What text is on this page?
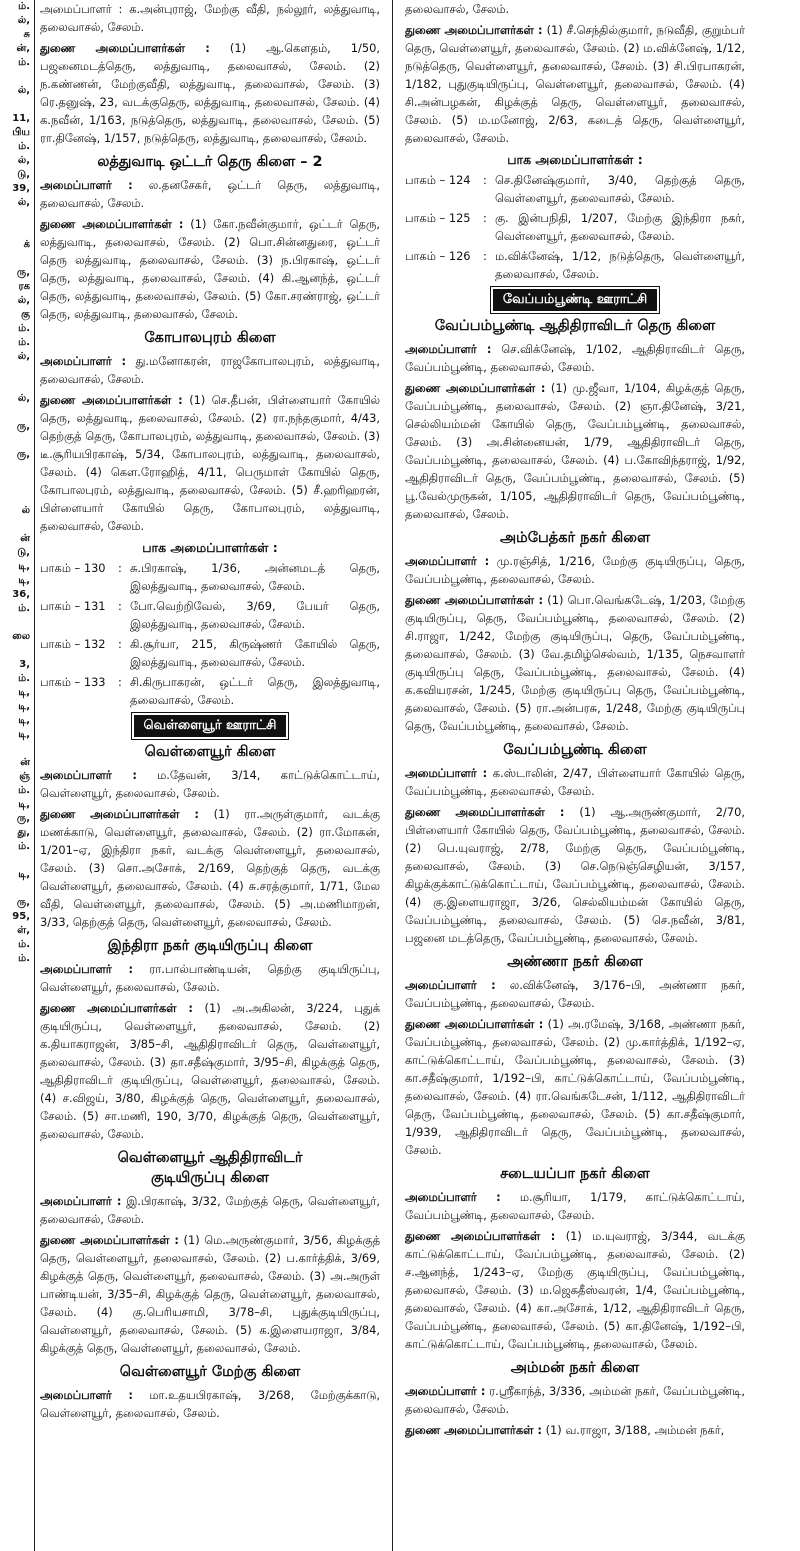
ம்.
ல்,
சு
ன்,
ம்.
ல்,
11,
பிய
ம்.
ல்,
டு,
39,
ல்,
க்
ரு,
ரக
ல்,
கு
ம்.
ம்.
ல்,
ல்,
ரு,
ரு,
ல்
ன்
டு,
டி,
டி,
36,
ம்.
லை
3,
ம்.
டி,
டி,
டி,
டி,
ன்
ஞ்
ம்.
டி,
ரு,
து,
ம்.
டி,
ரு,
95,
ள்,
ம்.
ம்.

அமைப்பாளர் : க.அன்புராஜ், மேற்கு வீதி, நல்லூர், லத்துவாடி, தலைவாசல், சேலம்.

துணை அமைப்பாளர்கள் : (1) ஆ.கௌதம், 1/50, பஜனைமடத்தெரு, லத்துவாடி, தலைவாசல், சேலம். (2) ந.கண்ணன், மேற்குவீதி, லத்துவாடி, தலைவாசல், சேலம். (3) ரெ.தனுஷ், 23, வடக்குதெரு, லத்துவாடி, தலைவாசல், சேலம். (4) க.நவீன், 1/163, நடுத்தெரு, லத்துவாடி, தலைவாசல், சேலம். (5) ரா.தினேஷ், 1/157, நடுத்தெரு, லத்துவாடி, தலைவாசல், சேலம்.

லத்துவாடி ஒட்டர் தெரு கிளை – 2

அமைப்பாளர் : ல.தனசேகர், ஒட்டர் தெரு, லத்துவாடி, தலைவாசல், சேலம்.

துணை அமைப்பாளர்கள் : (1) கோ.நவீன்குமார், ஒட்டர் தெரு, லத்துவாடி, தலைவாசல், சேலம். (2) பொ.சின்னதுரை, ஒட்டர் தெரு லத்துவாடி, தலைவாசல், சேலம். (3) ந.பிரகாஷ், ஒட்டர் தெரு, லத்துவாடி, தலைவாசல், சேலம். (4) கி.ஆனந்த், ஒட்டர் தெரு, லத்துவாடி, தலைவாசல், சேலம். (5) கோ.சரண்ராஜ், ஒட்டர் தெரு, லத்துவாடி, தலைவாசல், சேலம்.

கோபாலபுரம் கிளை

அமைப்பாளர் : து.மனோகரன், ராஜகோபாலபுரம், லத்துவாடி, தலைவாசல், சேலம்.

துணை அமைப்பாளர்கள் : (1) செ.தீபன், பிள்ளையார் கோயில் தெரு, லத்துவாடி, தலைவாசல், சேலம். (2) ரா.நந்தகுமார், 4/43, தெற்குத் தெரு, கோபாலபுரம், லத்துவாடி, தலைவாசல், சேலம். (3) டீ.சூரியபிரகாஷ், 5/34, கோபாலபுரம், லத்துவாடி, தலைவாசல், சேலம். (4) கௌ.ரோஹித், 4/11, பெருமாள் கோயில் தெரு, கோபாலபுரம், லத்துவாடி, தலைவாசல், சேலம். (5) சீ.ஹரிஹரன், பிள்ளையார் கோயில் தெரு, கோபாலபுரம், லத்துவாடி, தலைவாசல், சேலம்.

பாக அமைப்பாளர்கள் :
பாகம் – 130	: சு.பிரகாஷ், 1/36, அன்னமடத் தெரு, இலத்துவாடி, தலைவாசல், சேலம்.
பாகம் – 131	: போ.வெற்றிவேல், 3/69, பேயர் தெரு, இலத்துவாடி, தலைவாசல், சேலம்.
பாகம் – 132	: கி.சூர்யா, 215, கிருஷ்ணர் கோயில் தெரு, இலத்துவாடி, தலைவாசல், சேலம்.
பாகம் – 133	: சி.கிருபாகரன், ஒட்டர் தெரு, இலத்துவாடி, தலைவாசல், சேலம்.
வெள்ளையூர் ஊராட்சி
வெள்ளையூர் கிளை

அமைப்பாளர் : ம.தேவன், 3/14, காட்டுக்கொட்டாய், வெள்ளையூர், தலைவாசல், சேலம்.

துணை அமைப்பாளர்கள் : (1) ரா.அருள்குமார், வடக்கு மணக்காடு, வெள்ளையூர், தலைவாசல், சேலம். (2) ரா.மோகன், 1/201–ஏ, இந்திரா நகர், வடக்கு வெள்ளையூர், தலைவாசல், சேலம். (3) சொ.அசோக், 2/169, தெற்குத் தெரு, வடக்கு வெள்ளையூர், தலைவாசல், சேலம். (4) சு.சரத்குமார், 1/71, மேல வீதி, வெள்ளையூர், தலைவாசல், சேலம். (5) அ.மணிமாறன், 3/33, தெற்குத் தெரு, வெள்ளையூர், தலைவாசல், சேலம்.

இந்திரா நகர் குடியிருப்பு கிளை

அமைப்பாளர் : ரா.பால்பாண்டியன், தெற்கு குடியிருப்பு, வெள்ளையூர், தலைவாசல், சேலம்.

துணை அமைப்பாளர்கள் : (1) அ.அகிலன், 3/224, புதுக் குடியிருப்பு, வெள்ளையூர், தலைவாசல், சேலம். (2) க.தியாகராஜன், 3/85–சி, ஆதிதிராவிடர் தெரு, வெள்ளையூர், தலைவாசல், சேலம். (3) தா.சதீஷ்குமார், 3/95–சி, கிழக்குத் தெரு, ஆதிதிராவிடர் குடியிருப்பு, வெள்ளையூர், தலைவாசல், சேலம். (4) ச.விஜய், 3/80, கிழக்குத் தெரு, வெள்ளையூர், தலைவாசல், சேலம். (5) சா.மணி, 190, 3/70, கிழக்குத் தெரு, வெள்ளையூர், தலைவாசல், சேலம்.

வெள்ளையூர் ஆதிதிராவிடர்
குடியிருப்பு கிளை

அமைப்பாளர் : இ.பிரகாஷ், 3/32, மேற்குத் தெரு, வெள்ளையூர், தலைவாசல், சேலம்.

துணை அமைப்பாளர்கள் : (1) மெ.அருண்குமார், 3/56, கிழக்குத் தெரு, வெள்ளையூர், தலைவாசல், சேலம். (2) ப.கார்த்திக், 3/69, கிழக்குத் தெரு, வெள்ளையூர், தலைவாசல், சேலம். (3) அ.அருள் பாண்டியன், 3/35–சி, கிழக்குத் தெரு, வெள்ளையூர், தலைவாசல், சேலம். (4) கு.பெரியசாமி, 3/78–சி, புதுக்குடியிருப்பு, வெள்ளையூர், தலைவாசல், சேலம். (5) க.இளையராஜா, 3/84, கிழக்குத் தெரு, வெள்ளையூர், தலைவாசல், சேலம்.

வெள்ளையூர் மேற்கு கிளை

அமைப்பாளர் : மா.உதயபிரகாஷ், 3/268, மேற்குக்காடு, வெள்ளையூர், தலைவாசல், சேலம்.

தலைவாசல், சேலம்.

துணை அமைப்பாளர்கள் : (1) சீ.செந்தில்குமார், நடுவீதி, குறும்பர் தெரு, வெள்ளையூர், தலைவாசல், சேலம். (2) ம.விக்னேஷ், 1/12, நடுத்தெரு, வெள்ளையூர், தலைவாசல், சேலம். (3) சி.பிரபாகரன், 1/182, புதுகுடியிருப்பு, வெள்ளையூர், தலைவாசல், சேலம். (4) சி.அன்பழகன், கிழக்குத் தெரு, வெள்ளையூர், தலைவாசல், சேலம். (5) ம.மனோஜ், 2/63, கடைத் தெரு, வெள்ளையூர், தலைவாசல், சேலம்.

பாக அமைப்பாளர்கள் :
பாகம் – 124	: செ.தினேஷ்குமார், 3/40, தெற்குத் தெரு, வெள்ளையூர், தலைவாசல், சேலம்.
பாகம் – 125	: கு. இன்பநிதி, 1/207, மேற்கு இந்திரா நகர், வெள்ளையூர், தலைவாசல், சேலம்.
பாகம் – 126	: ம.விக்னேஷ், 1/12, நடுத்தெரு, வெள்ளையூர், தலைவாசல், சேலம்.
வேப்பம்பூண்டி ஊராட்சி
வேப்பம்பூண்டி ஆதிதிராவிடர் தெரு கிளை

அமைப்பாளர் : செ.விக்னேஷ், 1/102, ஆதிதிராவிடர் தெரு, வேப்பம்பூண்டி, தலைவாசல், சேலம்.

துணை அமைப்பாளர்கள் : (1) மு.ஜீவா, 1/104, கிழக்குத் தெரு, வேப்பம்பூண்டி, தலைவாசல், சேலம். (2) ஞா.தினேஷ், 3/21, செல்லியம்மன் கோயில் தெரு, வேப்பம்பூண்டி, தலைவாசல், சேலம். (3) அ.சின்னையன், 1/79, ஆதிதிராவிடர் தெரு, வேப்பம்பூண்டி, தலைவாசல், சேலம். (4) ப.கோவிந்தராஜ், 1/92, ஆதிதிராவிடர் தெரு, வேப்பம்பூண்டி, தலைவாசல், சேலம். (5) பூ.வேல்முருகன், 1/105, ஆதிதிராவிடர் தெரு, வேப்பம்பூண்டி, தலைவாசல், சேலம்.

அம்பேத்கர் நகர் கிளை

அமைப்பாளர் : மு.ரஞ்சித், 1/216, மேற்கு குடியிருப்பு, தெரு, வேப்பம்பூண்டி, தலைவாசல், சேலம்.

துணை அமைப்பாளர்கள் : (1) பொ.வெங்கடேஷ், 1/203, மேற்கு குடியிருப்பு, தெரு, வேப்பம்பூண்டி, தலைவாசல், சேலம். (2) சி.ராஜா, 1/242, மேற்கு குடியிருப்பு, தெரு, வேப்பம்பூண்டி, தலைவாசல், சேலம். (3) வே.தமிழ்செல்வம், 1/135, நெசவாளர் குடியிருப்பு தெரு, வேப்பம்பூண்டி, தலைவாசல், சேலம். (4) க.கவியரசன், 1/245, மேற்கு குடியிருப்பு தெரு, வேப்பம்பூண்டி, தலைவாசல், சேலம். (5) ரா.அன்பரசு, 1/248, மேற்கு குடியிருப்பு தெரு, வேப்பம்பூண்டி, தலைவாசல், சேலம்.

வேப்பம்பூண்டி கிளை

அமைப்பாளர் : க.ஸ்டாலின், 2/47, பிள்ளையார் கோயில் தெரு, வேப்பம்பூண்டி, தலைவாசல், சேலம்.

துணை அமைப்பாளர்கள் : (1) ஆ.அருண்குமார், 2/70, பிள்ளையார் கோயில் தெரு, வேப்பம்பூண்டி, தலைவாசல், சேலம். (2) பெ.யுவராஜ், 2/78, மேற்கு தெரு, வேப்பம்பூண்டி, தலைவாசல், சேலம். (3) செ.நெடுஞ்செழியன், 3/157, கிழக்குக்காட்டுக்கொட்டாய், வேப்பம்பூண்டி, தலைவாசல், சேலம். (4) கு.இளையராஜா, 3/26, செல்லியம்மன் கோயில் தெரு, வேப்பம்பூண்டி, தலைவாசல், சேலம். (5) செ.நவீன், 3/81, பஜனை மடத்தெரு, வேப்பம்பூண்டி, தலைவாசல், சேலம்.

அண்ணா நகர் கிளை

அமைப்பாளர் : ல.விக்னேஷ், 3/176–பி, அண்ணா நகர், வேப்பம்பூண்டி, தலைவாசல், சேலம்.

துணை அமைப்பாளர்கள் : (1) அ.ரமேஷ், 3/168, அண்ணா நகர், வேப்பம்பூண்டி, தலைவாசல், சேலம். (2) மு.கார்த்திக், 1/192–ஏ, காட்டுக்கொட்டாய், வேப்பம்பூண்டி, தலைவாசல், சேலம். (3) கா.சதீஷ்குமார், 1/192–பி, காட்டுக்கொட்டாய், வேப்பம்பூண்டி, தலைவாசல், சேலம். (4) ரா.வெங்கடேசன், 1/112, ஆதிதிராவிடர் தெரு, வேப்பம்பூண்டி, தலைவாசல், சேலம். (5) கா.சதீஷ்குமார், 1/939, ஆதிதிராவிடர் தெரு, வேப்பம்பூண்டி, தலைவாசல், சேலம்.

சடையப்பா நகர் கிளை

அமைப்பாளர் : ம.சூரியா, 1/179, காட்டுக்கொட்டாய், வேப்பம்பூண்டி, தலைவாசல், சேலம்.

துணை அமைப்பாளர்கள் : (1) ம.யுவராஜ், 3/344, வடக்கு காட்டுக்கொட்டாய், வேப்பம்பூண்டி, தலைவாசல், சேலம். (2) ச.ஆனந்த், 1/243–ஏ, மேற்கு குடியிருப்பு, வேப்பம்பூண்டி, தலைவாசல், சேலம். (3) ம.ஜெகதீஸ்வரன், 1/4, வேப்பம்பூண்டி, தலைவாசல், சேலம். (4) கா.அசோக், 1/12, ஆதிதிராவிடர் தெரு, வேப்பம்பூண்டி, தலைவாசல், சேலம். (5) கா.தினேஷ், 1/192–பி, காட்டுக்கொட்டாய், வேப்பம்பூண்டி, தலைவாசல், சேலம்.

அம்மன் நகர் கிளை

அமைப்பாளர் : ர.ஸ்ரீகாந்த், 3/336, அம்மன் நகர், வேப்பம்பூண்டி, தலைவாசல், சேலம்.

துணை அமைப்பாளர்கள் : (1) வ.ராஜா, 3/188, அம்மன் நகர்,
